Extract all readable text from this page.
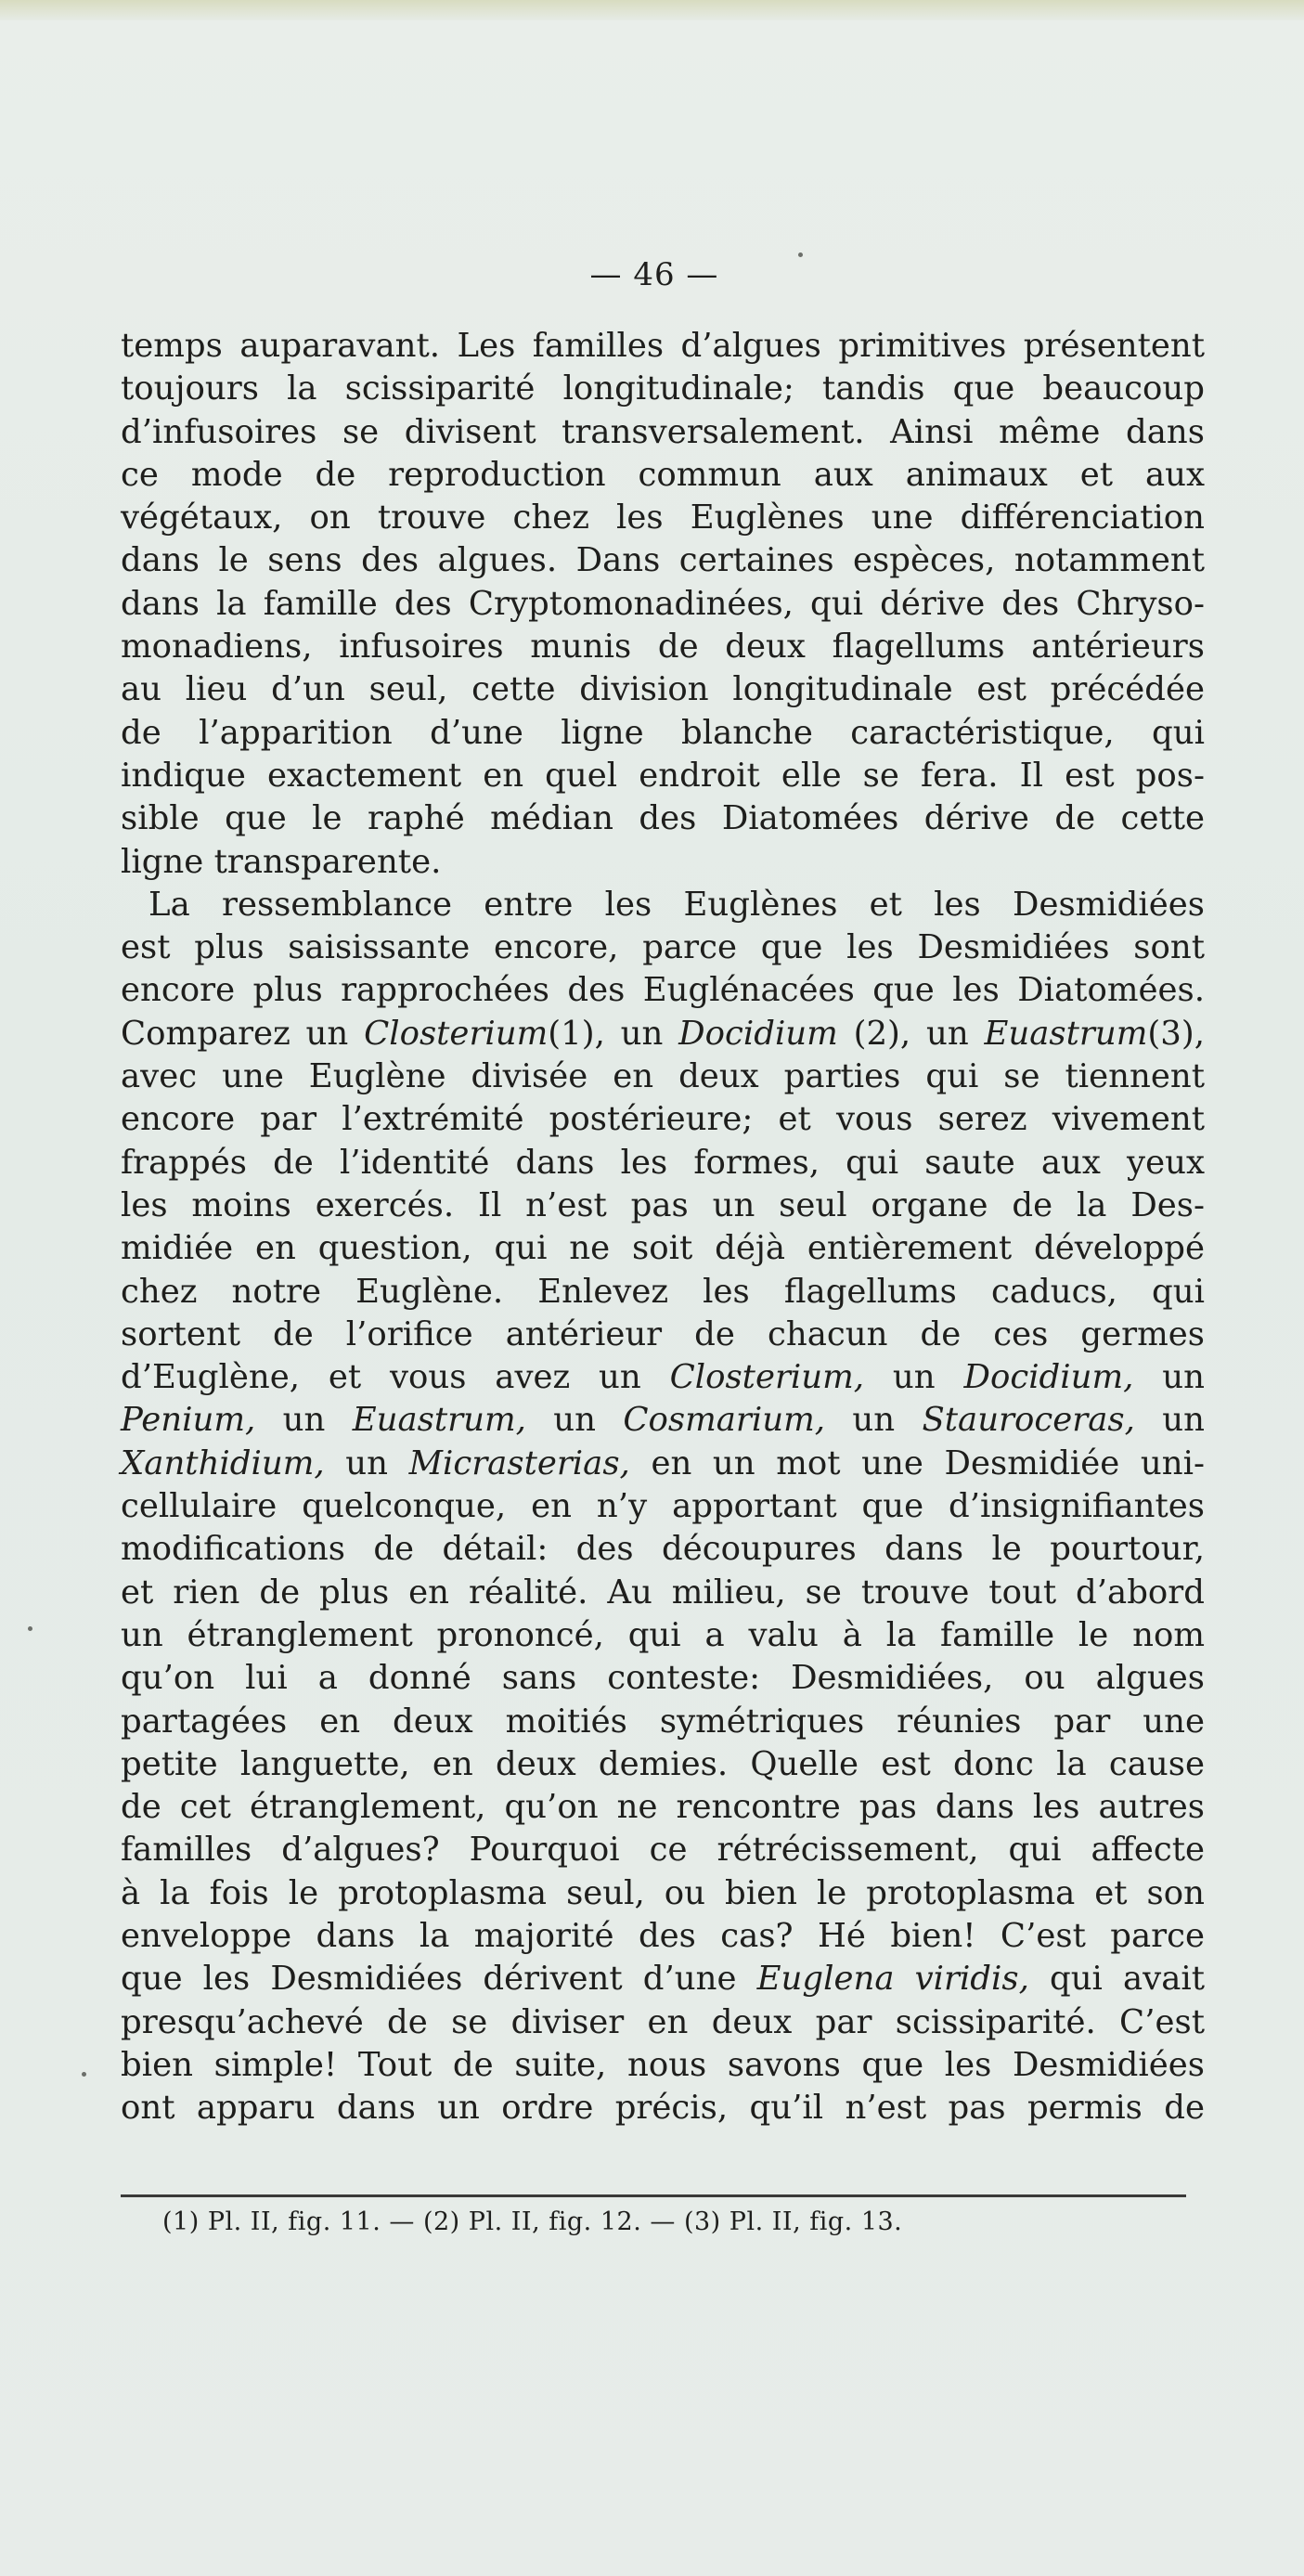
— 46 —
temps auparavant. Les familles d’algues primitives présentent
toujours la scissiparité longitudinale; tandis que beaucoup
d’infusoires se divisent transversalement. Ainsi même dans
ce mode de reproduction commun aux animaux et aux
végétaux, on trouve chez les Euglènes une différenciation
dans le sens des algues. Dans certaines espèces, notamment
dans la famille des Cryptomonadinées, qui dérive des Chryso-
monadiens, infusoires munis de deux flagellums antérieurs
au lieu d’un seul, cette division longitudinale est précédée
de l’apparition d’une ligne blanche caractéristique, qui
indique exactement en quel endroit elle se fera. Il est pos-
sible que le raphé médian des Diatomées dérive de cette
ligne transparente.
La ressemblance entre les Euglènes et les Desmidiées
est plus saisissante encore, parce que les Desmidiées sont
encore plus rapprochées des Euglénacées que les Diatomées.
Comparez un Closterium(1), un Docidium (2), un Euastrum(3),
avec une Euglène divisée en deux parties qui se tiennent
encore par l’extrémité postérieure; et vous serez vivement
frappés de l’identité dans les formes, qui saute aux yeux
les moins exercés. Il n’est pas un seul organe de la Des-
midiée en question, qui ne soit déjà entièrement développé
chez notre Euglène. Enlevez les flagellums caducs, qui
sortent de l’orifice antérieur de chacun de ces germes
d’Euglène, et vous avez un Closterium, un Docidium, un
Penium, un Euastrum, un Cosmarium, un Stauroceras, un
Xanthidium, un Micrasterias, en un mot une Desmidiée uni-
cellulaire quelconque, en n’y apportant que d’insignifiantes
modifications de détail: des découpures dans le pourtour,
et rien de plus en réalité. Au milieu, se trouve tout d’abord
un étranglement prononcé, qui a valu à la famille le nom
qu’on lui a donné sans conteste: Desmidiées, ou algues
partagées en deux moitiés symétriques réunies par une
petite languette, en deux demies. Quelle est donc la cause
de cet étranglement, qu’on ne rencontre pas dans les autres
familles d’algues? Pourquoi ce rétrécissement, qui affecte
à la fois le protoplasma seul, ou bien le protoplasma et son
enveloppe dans la majorité des cas? Hé bien! C’est parce
que les Desmidiées dérivent d’une Euglena viridis, qui avait
presqu’achevé de se diviser en deux par scissiparité. C’est
bien simple! Tout de suite, nous savons que les Desmidiées
ont apparu dans un ordre précis, qu’il n’est pas permis de
(1) Pl. II, fig. 11. — (2) Pl. II, fig. 12. — (3) Pl. II, fig. 13.
